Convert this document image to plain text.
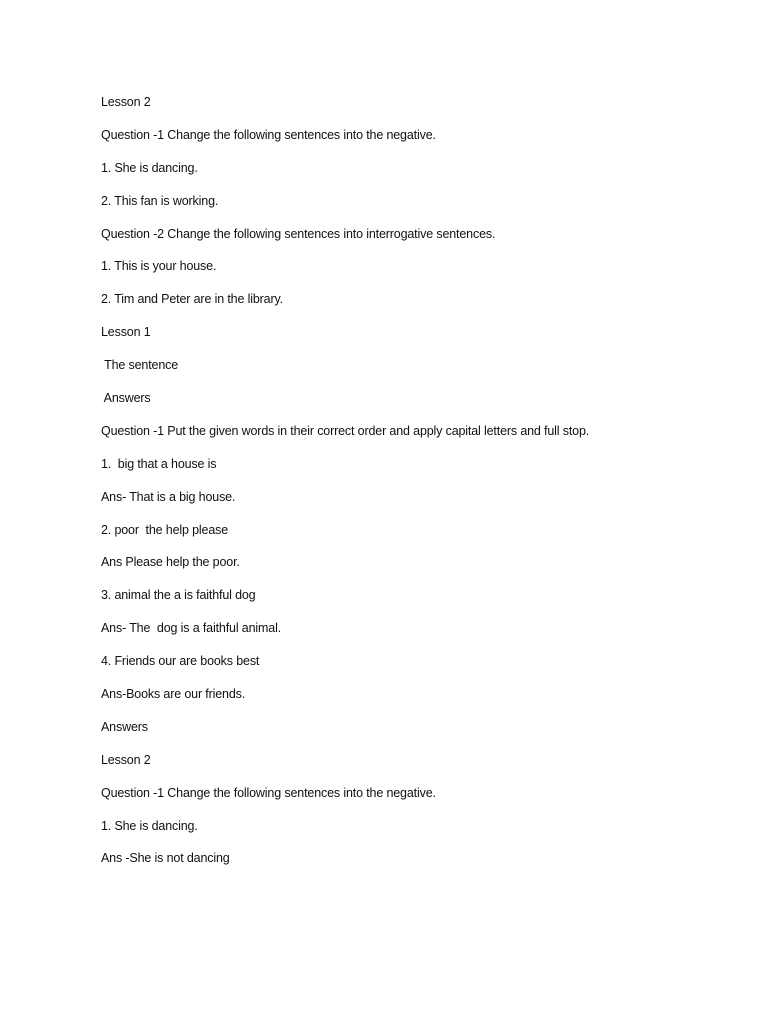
Lesson 2
Question -1 Change the following sentences into the negative.
1. She is dancing.
2. This fan is working.
Question -2 Change the following sentences into interrogative sentences.
1. This is your house.
2. Tim and Peter are in the library.
Lesson 1
The sentence
Answers
Question -1 Put the given words in their correct order and apply capital letters and full stop.
1.  big that a house is
Ans- That is a big house.
2. poor  the help please
Ans Please help the poor.
3. animal the a is faithful dog
Ans- The  dog is a faithful animal.
4. Friends our are books best
Ans-Books are our friends.
Answers
Lesson 2
Question -1 Change the following sentences into the negative.
1. She is dancing.
Ans -She is not dancing
